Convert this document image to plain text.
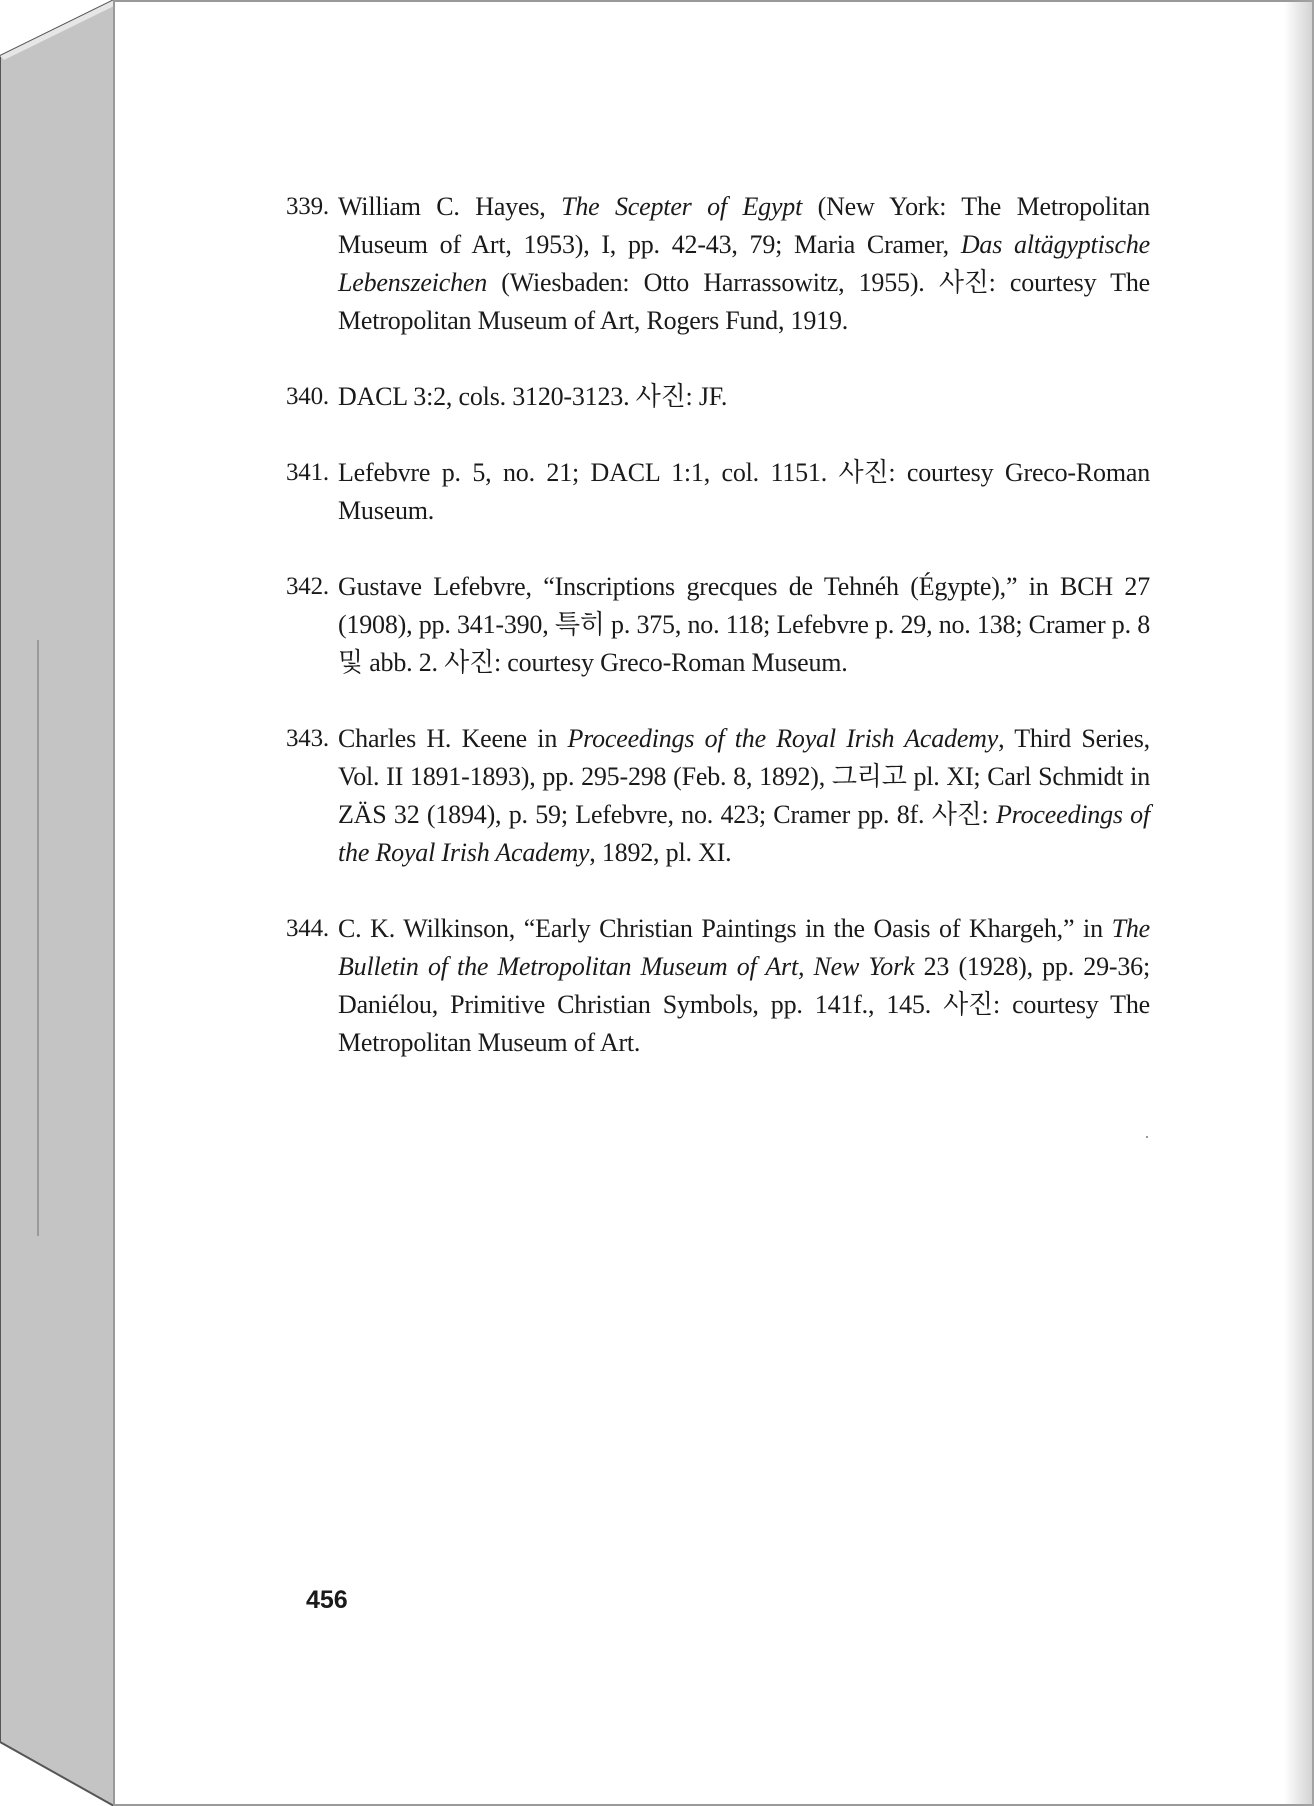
339. William C. Hayes, The Scepter of Egypt (New York: The Metropolitan Museum of Art, 1953), I, pp. 42-43, 79; Maria Cramer, Das altägyptische Lebenszeichen (Wiesbaden: Otto Harrassowitz, 1955). 사진: courtesy The Metropolitan Museum of Art, Rogers Fund, 1919.
340. DACL 3:2, cols. 3120-3123. 사진: JF.
341. Lefebvre p. 5, no. 21; DACL 1:1, col. 1151. 사진: courtesy Greco-Roman Museum.
342. Gustave Lefebvre, “Inscriptions grecques de Tehnéh (Égypte),” in BCH 27 (1908), pp. 341-390, 특히 p. 375, no. 118; Lefebvre p. 29, no. 138; Cramer p. 8 및 abb. 2. 사진: courtesy Greco-Roman Museum.
343. Charles H. Keene in Proceedings of the Royal Irish Academy, Third Series, Vol. II 1891-1893), pp. 295-298 (Feb. 8, 1892), 그리고 pl. XI; Carl Schmidt in ZÄS 32 (1894), p. 59; Lefebvre, no. 423; Cramer pp. 8f. 사진: Proceedings of the Royal Irish Academy, 1892, pl. XI.
344. C. K. Wilkinson, “Early Christian Paintings in the Oasis of Khargeh,” in The Bulletin of the Metropolitan Museum of Art, New York 23 (1928), pp. 29-36; Daniélou, Primitive Christian Symbols, pp. 141f., 145. 사진: courtesy The Metropolitan Museum of Art.
456
